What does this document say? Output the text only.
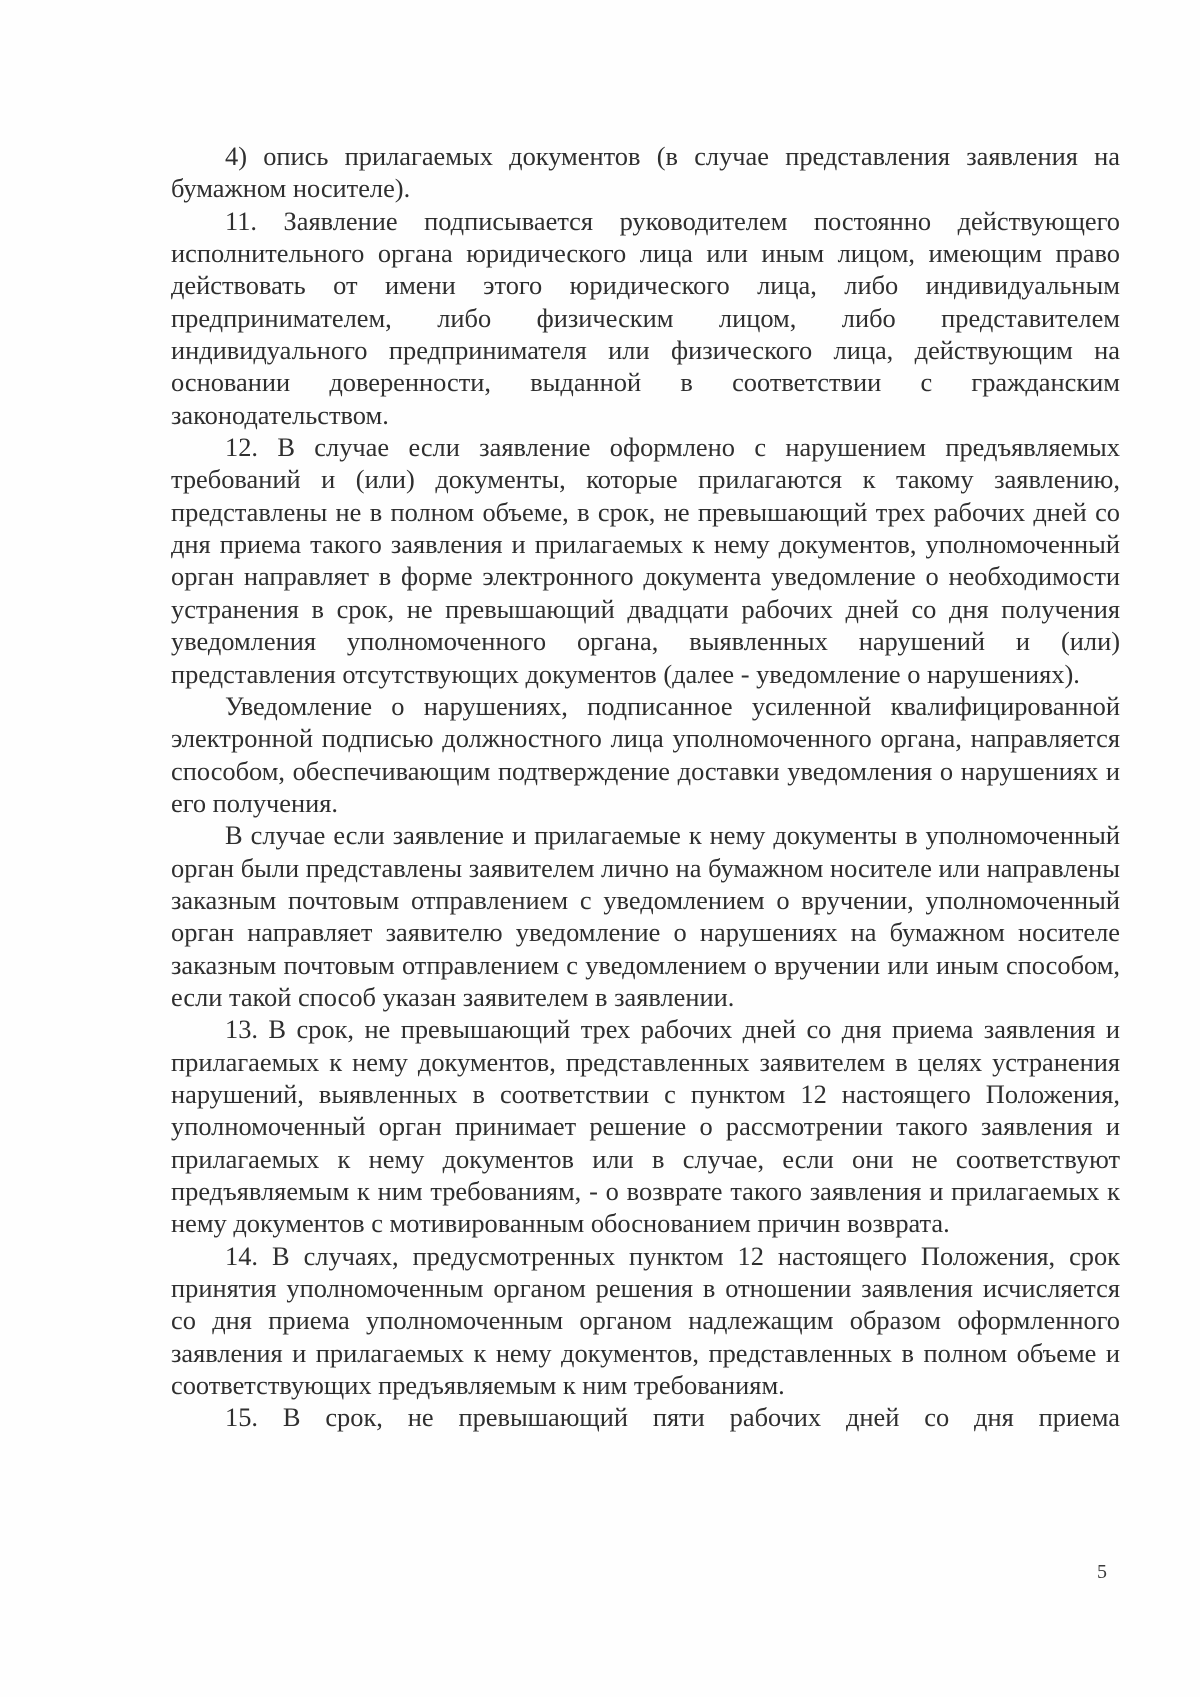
4) опись прилагаемых документов (в случае представления заявления на бумажном носителе).

11. Заявление подписывается руководителем постоянно действующего исполнительного органа юридического лица или иным лицом, имеющим право действовать от имени этого юридического лица, либо индивидуальным предпринимателем, либо физическим лицом, либо представителем индивидуального предпринимателя или физического лица, действующим на основании доверенности, выданной в соответствии с гражданским законодательством.

12. В случае если заявление оформлено с нарушением предъявляемых требований и (или) документы, которые прилагаются к такому заявлению, представлены не в полном объеме, в срок, не превышающий трех рабочих дней со дня приема такого заявления и прилагаемых к нему документов, уполномоченный орган направляет в форме электронного документа уведомление о необходимости устранения в срок, не превышающий двадцати рабочих дней со дня получения уведомления уполномоченного органа, выявленных нарушений и (или) представления отсутствующих документов (далее - уведомление о нарушениях).

Уведомление о нарушениях, подписанное усиленной квалифицированной электронной подписью должностного лица уполномоченного органа, направляется способом, обеспечивающим подтверждение доставки уведомления о нарушениях и его получения.

В случае если заявление и прилагаемые к нему документы в уполномоченный орган были представлены заявителем лично на бумажном носителе или направлены заказным почтовым отправлением с уведомлением о вручении, уполномоченный орган направляет заявителю уведомление о нарушениях на бумажном носителе заказным почтовым отправлением с уведомлением о вручении или иным способом, если такой способ указан заявителем в заявлении.

13. В срок, не превышающий трех рабочих дней со дня приема заявления и прилагаемых к нему документов, представленных заявителем в целях устранения нарушений, выявленных в соответствии с пунктом 12 настоящего Положения, уполномоченный орган принимает решение о рассмотрении такого заявления и прилагаемых к нему документов или в случае, если они не соответствуют предъявляемым к ним требованиям, - о возврате такого заявления и прилагаемых к нему документов с мотивированным обоснованием причин возврата.

14. В случаях, предусмотренных пунктом 12 настоящего Положения, срок принятия уполномоченным органом решения в отношении заявления исчисляется со дня приема уполномоченным органом надлежащим образом оформленного заявления и прилагаемых к нему документов, представленных в полном объеме и соответствующих предъявляемым к ним требованиям.

15. В срок, не превышающий пяти рабочих дней со дня приема

5
